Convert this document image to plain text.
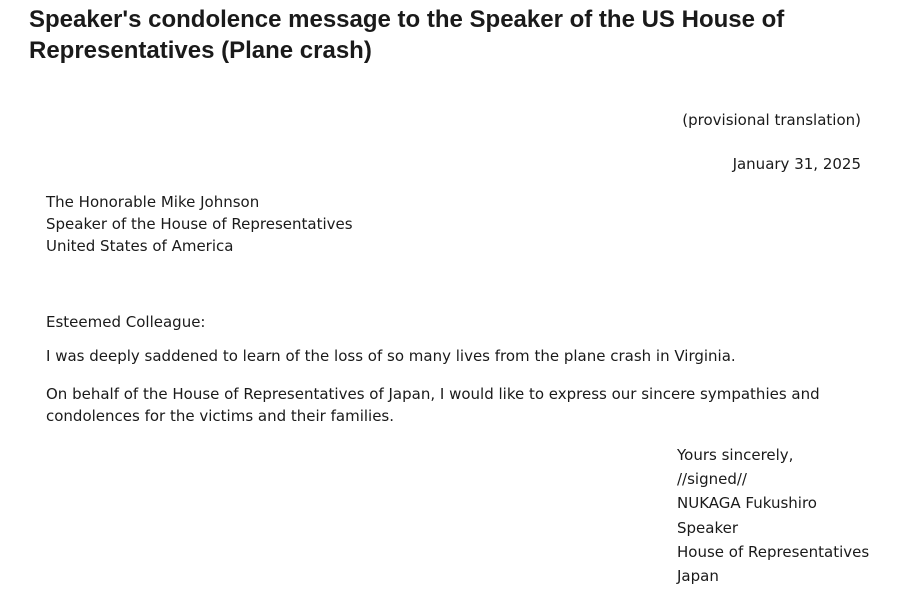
Speaker's condolence message to the Speaker of the US House of Representatives (Plane crash)
(provisional translation)
January 31, 2025
The Honorable Mike Johnson
Speaker of the House of Representatives
United States of America
Esteemed Colleague:

I was deeply saddened to learn of the loss of so many lives from the plane crash in Virginia.

On behalf of the House of Representatives of Japan, I would like to express our sincere sympathies and condolences for the victims and their families.

Yours sincerely,
//signed//
NUKAGA Fukushiro
Speaker
House of Representatives
Japan
